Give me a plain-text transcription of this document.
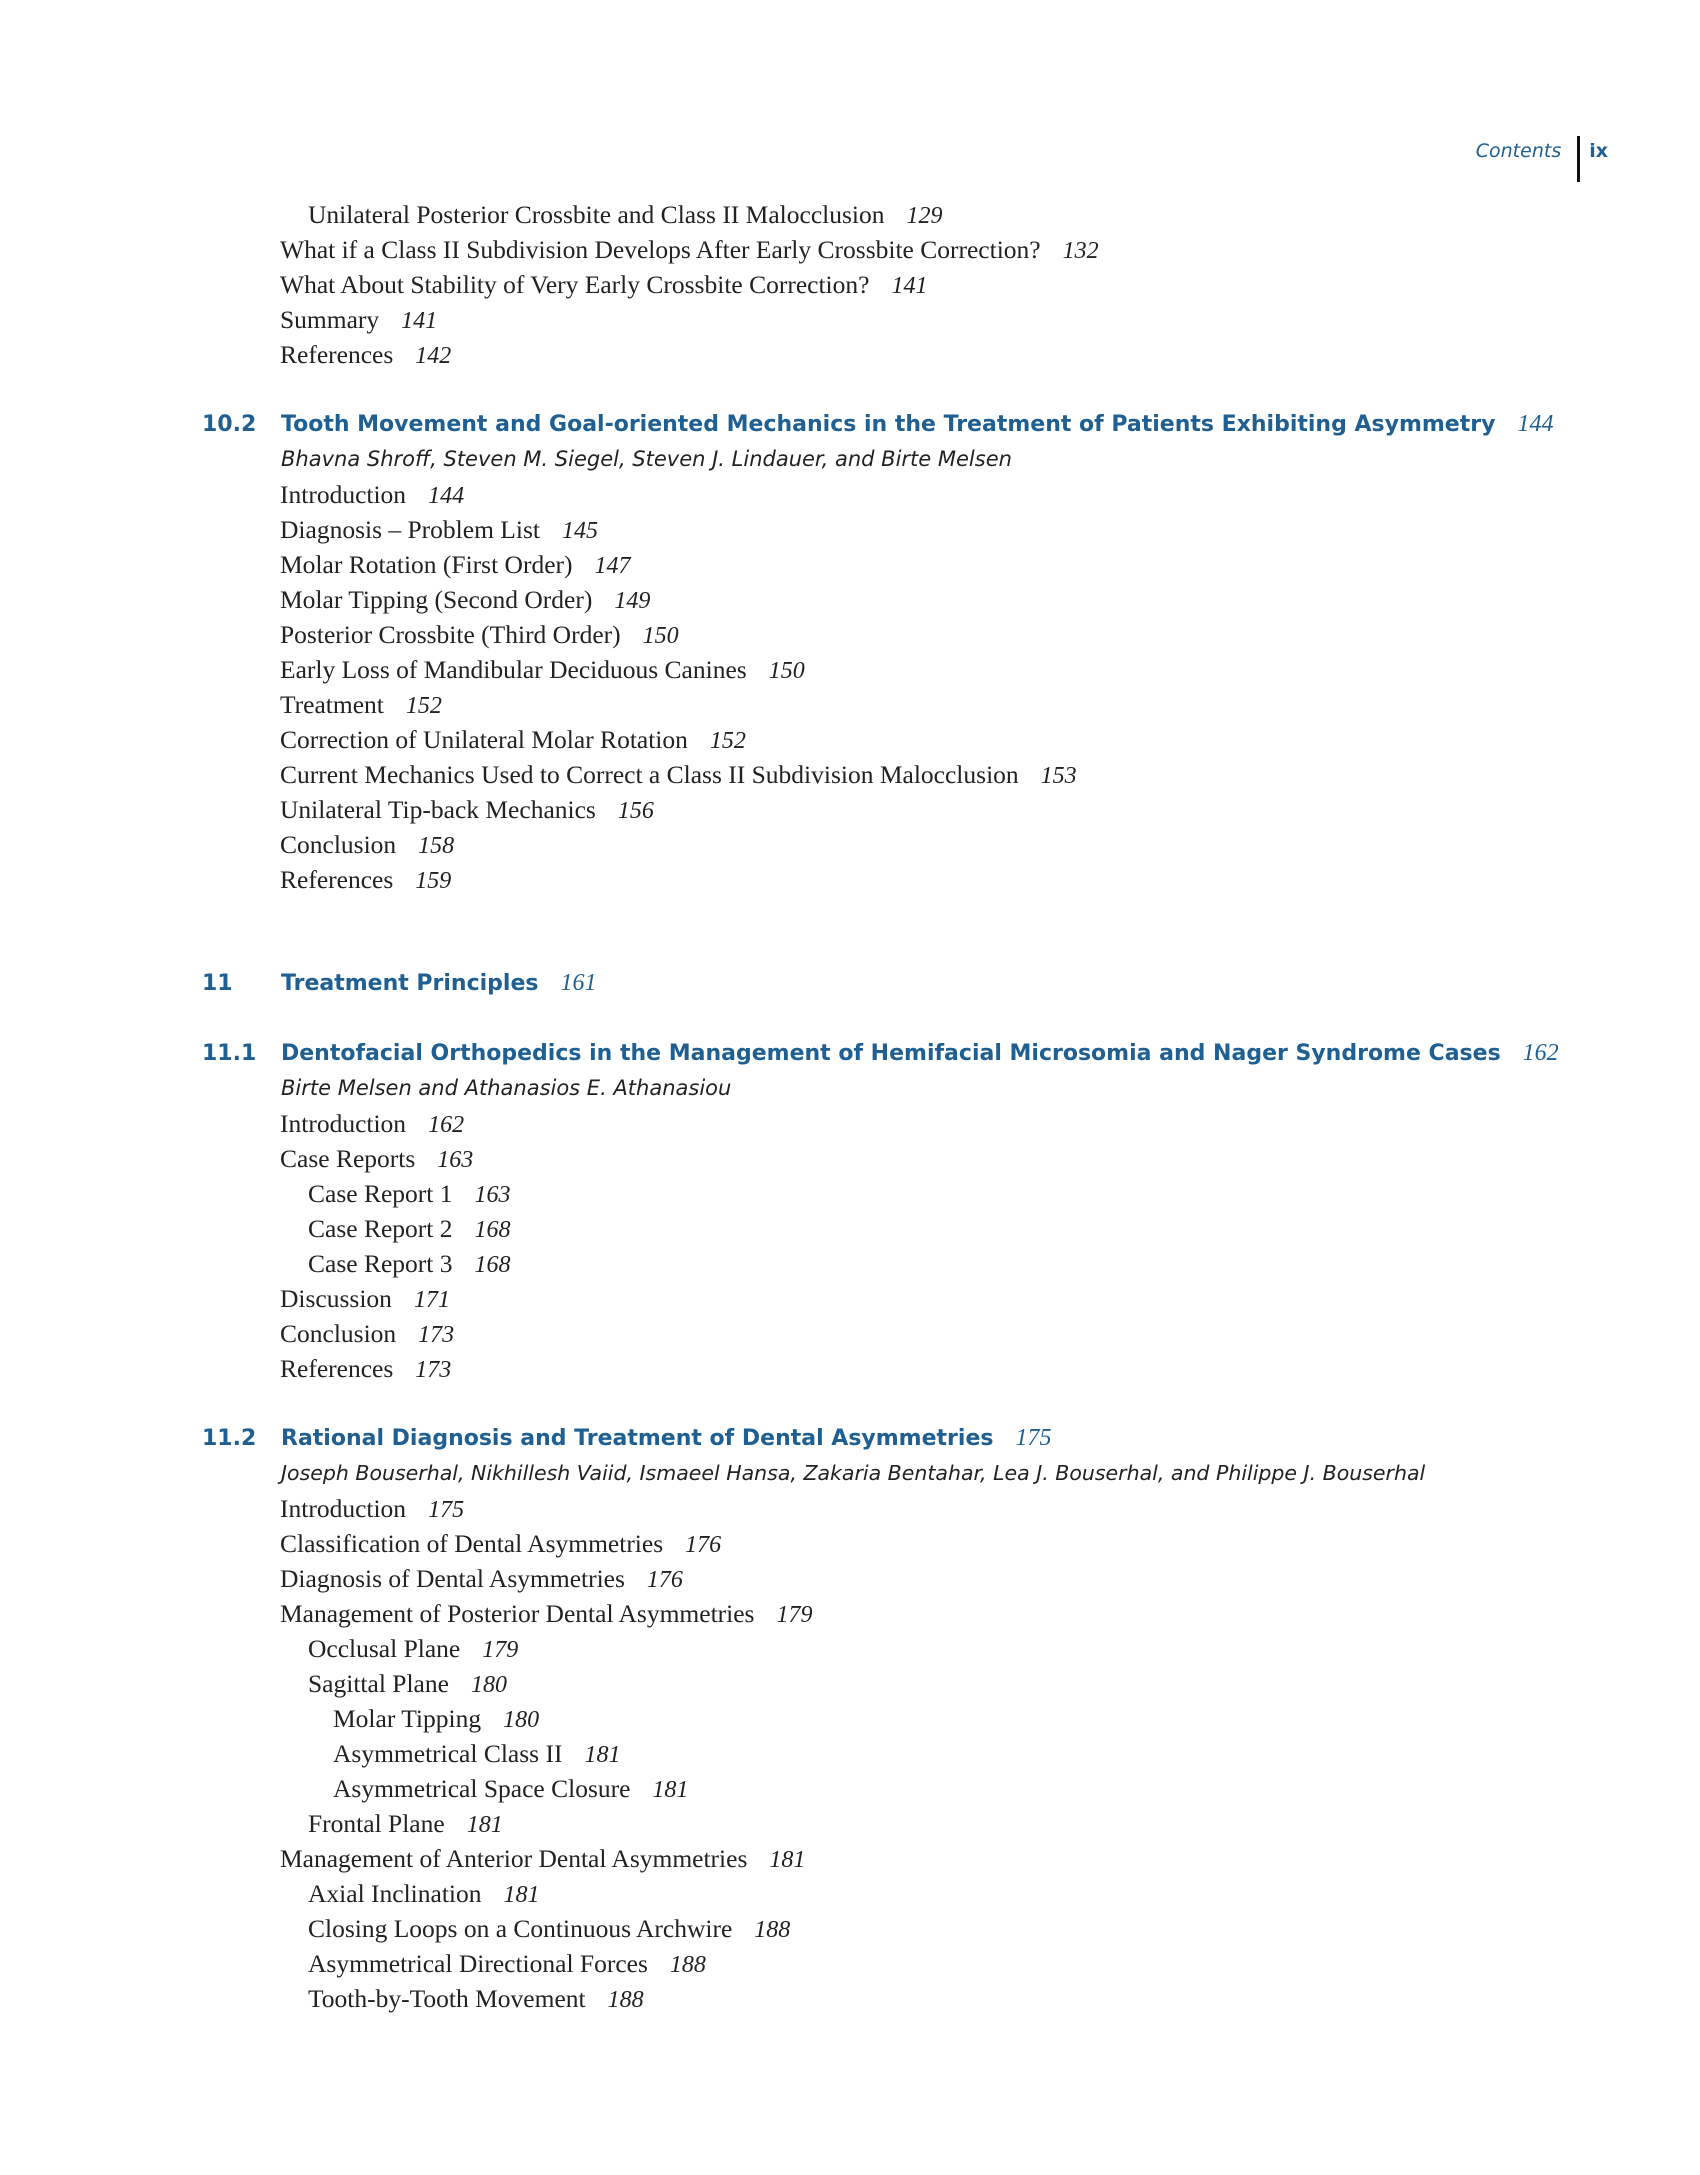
Contents ix
Unilateral Posterior Crossbite and Class II Malocclusion 129
What if a Class II Subdivision Develops After Early Crossbite Correction? 132
What About Stability of Very Early Crossbite Correction? 141
Summary 141
References 142
10.2 Tooth Movement and Goal-oriented Mechanics in the Treatment of Patients Exhibiting Asymmetry 144
Bhavna Shroff, Steven M. Siegel, Steven J. Lindauer, and Birte Melsen
Introduction 144
Diagnosis – Problem List 145
Molar Rotation (First Order) 147
Molar Tipping (Second Order) 149
Posterior Crossbite (Third Order) 150
Early Loss of Mandibular Deciduous Canines 150
Treatment 152
Correction of Unilateral Molar Rotation 152
Current Mechanics Used to Correct a Class II Subdivision Malocclusion 153
Unilateral Tip-back Mechanics 156
Conclusion 158
References 159
11 Treatment Principles 161
11.1 Dentofacial Orthopedics in the Management of Hemifacial Microsomia and Nager Syndrome Cases 162
Birte Melsen and Athanasios E. Athanasiou
Introduction 162
Case Reports 163
Case Report 1 163
Case Report 2 168
Case Report 3 168
Discussion 171
Conclusion 173
References 173
11.2 Rational Diagnosis and Treatment of Dental Asymmetries 175
Joseph Bouserhal, Nikhillesh Vaiid, Ismaeel Hansa, Zakaria Bentahar, Lea J. Bouserhal, and Philippe J. Bouserhal
Introduction 175
Classification of Dental Asymmetries 176
Diagnosis of Dental Asymmetries 176
Management of Posterior Dental Asymmetries 179
Occlusal Plane 179
Sagittal Plane 180
Molar Tipping 180
Asymmetrical Class II 181
Asymmetrical Space Closure 181
Frontal Plane 181
Management of Anterior Dental Asymmetries 181
Axial Inclination 181
Closing Loops on a Continuous Archwire 188
Asymmetrical Directional Forces 188
Tooth-by-Tooth Movement 188
